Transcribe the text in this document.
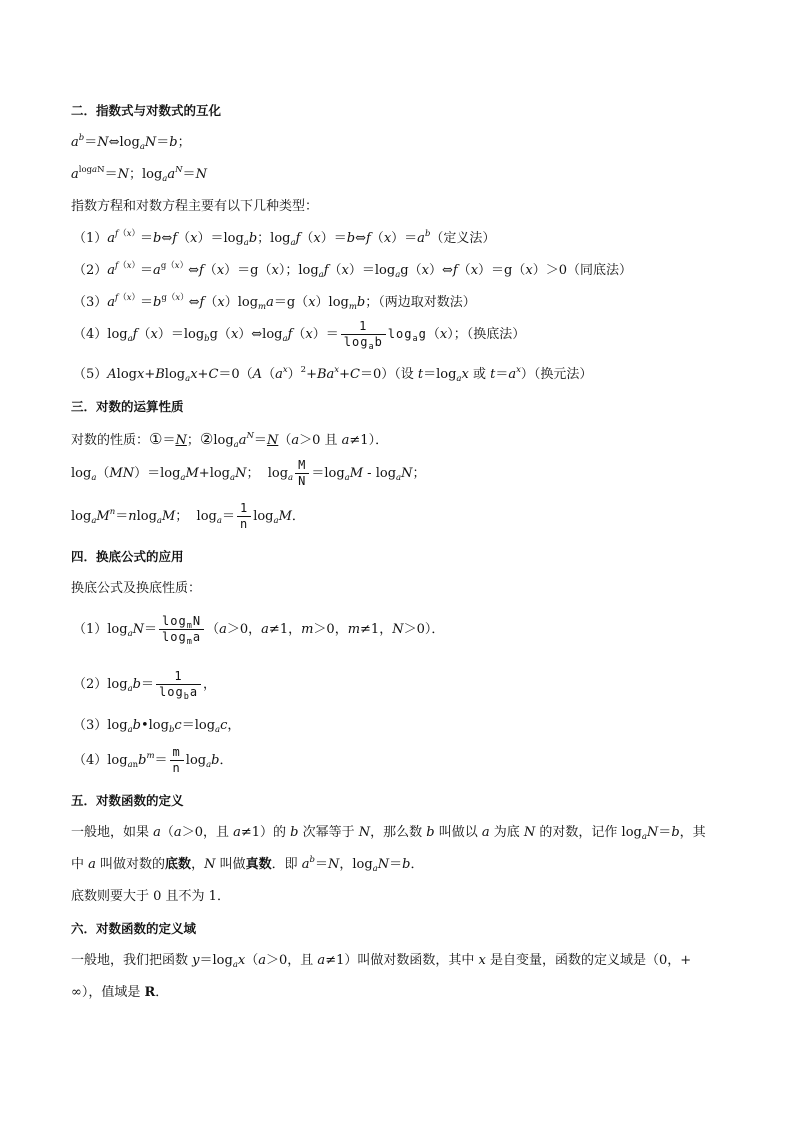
二．指数式与对数式的互化
$a^b=N\Leftrightarrow\log_aN=b$；
$a^{logaN}=N$；$\log_aa^N=N$
指数方程和对数方程主要有以下几种类型：
$(1)a^{f(x)}=b\Leftrightarrow f(x)=\log_ab$；$\log_af(x)=b\Leftrightarrow f(x)=a^b$（定义法）
$(2)a^{f(x)}=a^{g(x)}\Leftrightarrow f(x)=g(x)$；$\log_af(x)=\log_ag(x)\Leftrightarrow f(x)=g(x)>0$（同底法）
$(3)a^{f(x)}=b^{g(x)}\Leftrightarrow f(x)\log_ma=g(x)\log_mb$；（两边取对数法）
$(4)\log_af(x)=\log_bg(x)\Leftrightarrow\log_af(x)= \frac{1}{\log_ab} \log_ag(x)$；（换底法）
$(5)Alogx+Blog_ax+C=0(A(a^x)^2+Ba^x+C=0)$（设 $t=\log_ax$ 或 $t=a^x$）（换元法）
三．对数的运算性质
对数的性质：①＝N；$②\log_aa^N=N(a>0$ 且 a≠1）．
$\log_a(MN)=\log_aM+\log_aN$；  $\log_a \frac{M}{N} =\log_aM - \log_aN$；
$\log_aM^n=nlog_aM$；  $\log_a= \frac{1}{n} \log_aM$．
四．换底公式的应用
换底公式及换底性质：
$(1)\log_aN= \frac{\log_mN}{\log_ma} (a>0$，a≠1，m＞0，m≠1，N＞0）．
$(2)\log_ab= \frac{1}{\log_ba}$ ，
$(3)\log_ab•\log_bc=\log_ac$，
$(4)\log_{an}b^m= \frac{m}{n} \log_ab$．
五．对数函数的定义
一般地，如果 a（a＞0，且 a≠1）的 b 次幂等于 N，那么数 b 叫做以 a 为底 N 的对数，记作 $\log_aN=b$，其
中 a 叫做对数的底数，N 叫做真数．即 $a^b=N$，$\log_aN=b$．
底数则要大于 0 且不为 1．
六．对数函数的定义域
一般地，我们把函数 $y=\log_ax(a>0$，且 a≠1）叫做对数函数，其中 x 是自变量，函数的定义域是（0，+
∞），值域是 R．
